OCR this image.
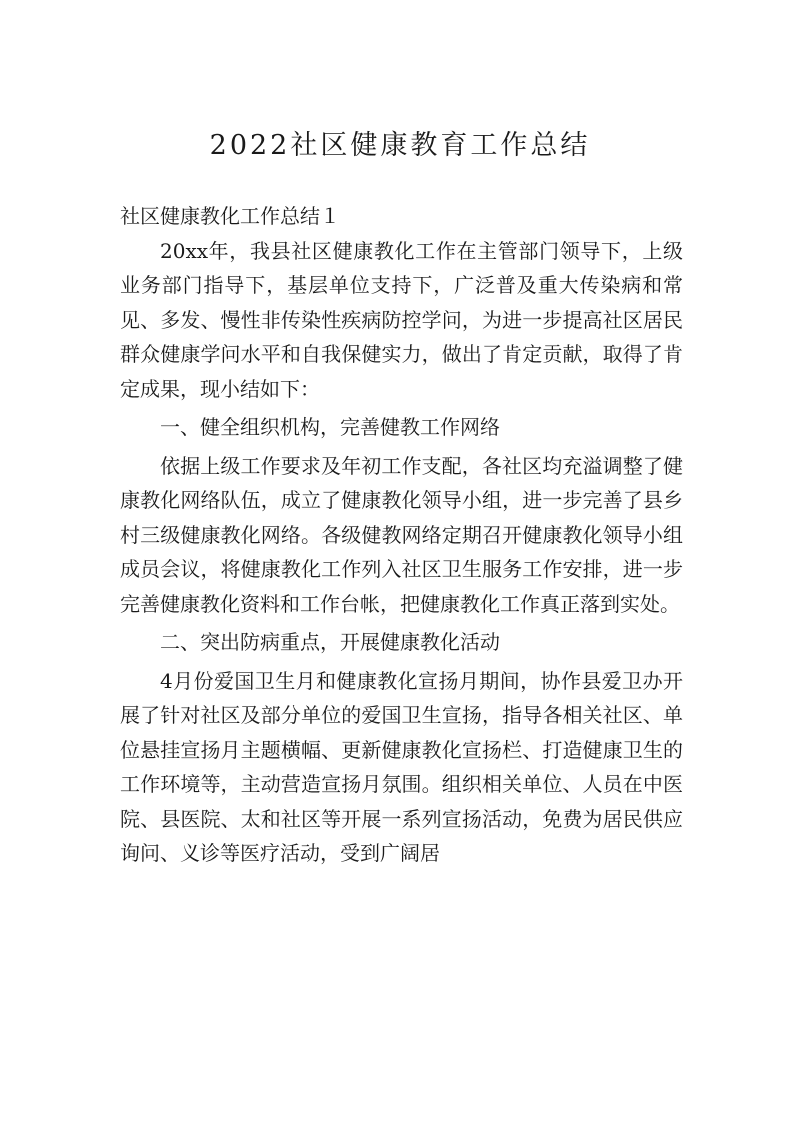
2022社区健康教育工作总结

社区健康教化工作总结１

20xx年，我县社区健康教化工作在主管部门领导下，上级业务部门指导下，基层单位支持下，广泛普及重大传染病和常见、多发、慢性非传染性疾病防控学问，为进一步提高社区居民群众健康学问水平和自我保健实力，做出了肯定贡献，取得了肯定成果，现小结如下：

一、健全组织机构，完善健教工作网络

依据上级工作要求及年初工作支配，各社区均充溢调整了健康教化网络队伍，成立了健康教化领导小组，进一步完善了县乡村三级健康教化网络。各级健教网络定期召开健康教化领导小组成员会议，将健康教化工作列入社区卫生服务工作安排，进一步完善健康教化资料和工作台帐，把健康教化工作真正落到实处。

二、突出防病重点，开展健康教化活动

4月份爱国卫生月和健康教化宣扬月期间，协作县爱卫办开展了针对社区及部分单位的爱国卫生宣扬，指导各相关社区、单位悬挂宣扬月主题横幅、更新健康教化宣扬栏、打造健康卫生的工作环境等，主动营造宣扬月氛围。组织相关单位、人员在中医院、县医院、太和社区等开展一系列宣扬活动，免费为居民供应询问、义诊等医疗活动，受到广阔居
